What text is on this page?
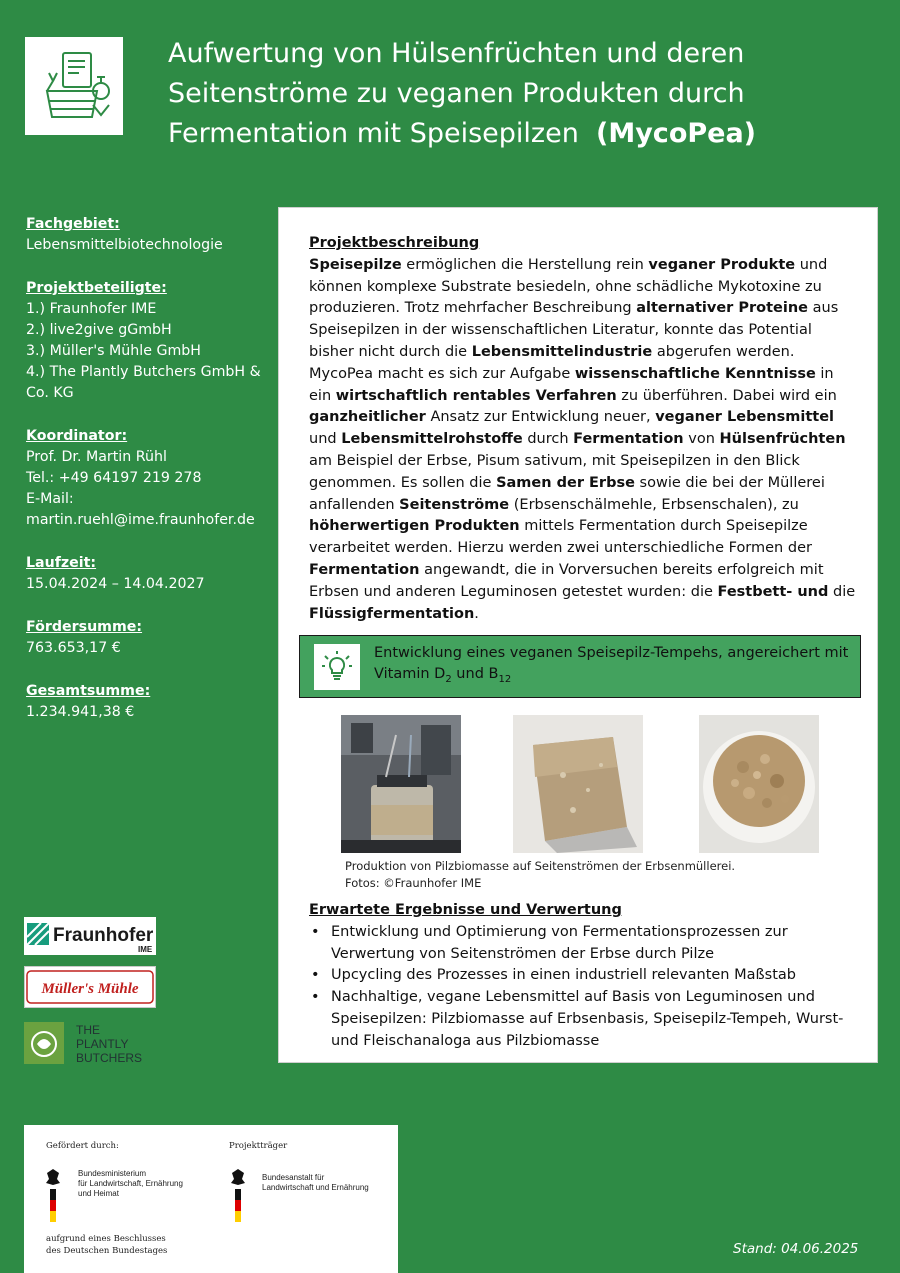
Aufwertung von Hülsenfrüchten und deren Seitenströme zu veganen Produkten durch Fermentation mit Speisepilzen (MycoPea)
Fachgebiet:
Lebensmittelbiotechnologie
Projektbeteiligte:
1.) Fraunhofer IME
2.) live2give gGmbH
3.) Müller's Mühle GmbH
4.) The Plantly Butchers GmbH & Co. KG
Koordinator:
Prof. Dr. Martin Rühl
Tel.: +49 64197 219 278
E-Mail:
martin.ruehl@ime.fraunhofer.de
Laufzeit:
15.04.2024 – 14.04.2027
Fördersumme:
763.653,17 €
Gesamtsumme:
1.234.941,38 €
Projektbeschreibung
Speisepilze ermöglichen die Herstellung rein veganer Produkte und können komplexe Substrate besiedeln, ohne schädliche Mykotoxine zu produzieren. Trotz mehrfacher Beschreibung alternativer Proteine aus Speisepilzen in der wissenschaftlichen Literatur, konnte das Potential bisher nicht durch die Lebensmittelindustrie abgerufen werden. MycoPea macht es sich zur Aufgabe wissenschaftliche Kenntnisse in ein wirtschaftlich rentables Verfahren zu überführen. Dabei wird ein ganzheitlicher Ansatz zur Entwicklung neuer, veganer Lebensmittel und Lebensmittelrohstoffe durch Fermentation von Hülsenfrüchten am Beispiel der Erbse, Pisum sativum, mit Speisepilzen in den Blick genommen. Es sollen die Samen der Erbse sowie die bei der Müllerei anfallenden Seitenströme (Erbsenschälmehle, Erbsenschalen), zu höherwertigen Produkten mittels Fermentation durch Speisepilze verarbeitet werden. Hierzu werden zwei unterschiedliche Formen der Fermentation angewandt, die in Vorversuchen bereits erfolgreich mit Erbsen und anderen Leguminosen getestet wurden: die Festbett- und die Flüssigfermentation.
Entwicklung eines veganen Speisepilz-Tempehs, angereichert mit Vitamin $D_2$ und $B_{12}$
Produktion von Pilzbiomasse auf Seitenströmen der Erbsenmüllerei.
Fotos: ©Fraunhofer IME
Erwartete Ergebnisse und Verwertung
• Entwicklung und Optimierung von Fermentationsprozessen zur Verwertung von Seitenströmen der Erbse durch Pilze
• Upcycling des Prozesses in einen industriell relevanten Maßstab
• Nachhaltige, vegane Lebensmittel auf Basis von Leguminosen und Speisepilzen: Pilzbiomasse auf Erbsenbasis, Speisepilz-Tempeh, Wurst- und Fleischanaloga aus Pilzbiomasse
Fraunhofer
IME
Müller's Mühle
THE
PLANTLY
BUTCHERS
Gefördert durch:	Projektträger
Bundesministerium
für Landwirtschaft, Ernährung
und Heimat
Bundesanstalt für
Landwirtschaft und Ernährung
aufgrund eines Beschlusses
des Deutschen Bundestages	Stand: 04.06.2025
